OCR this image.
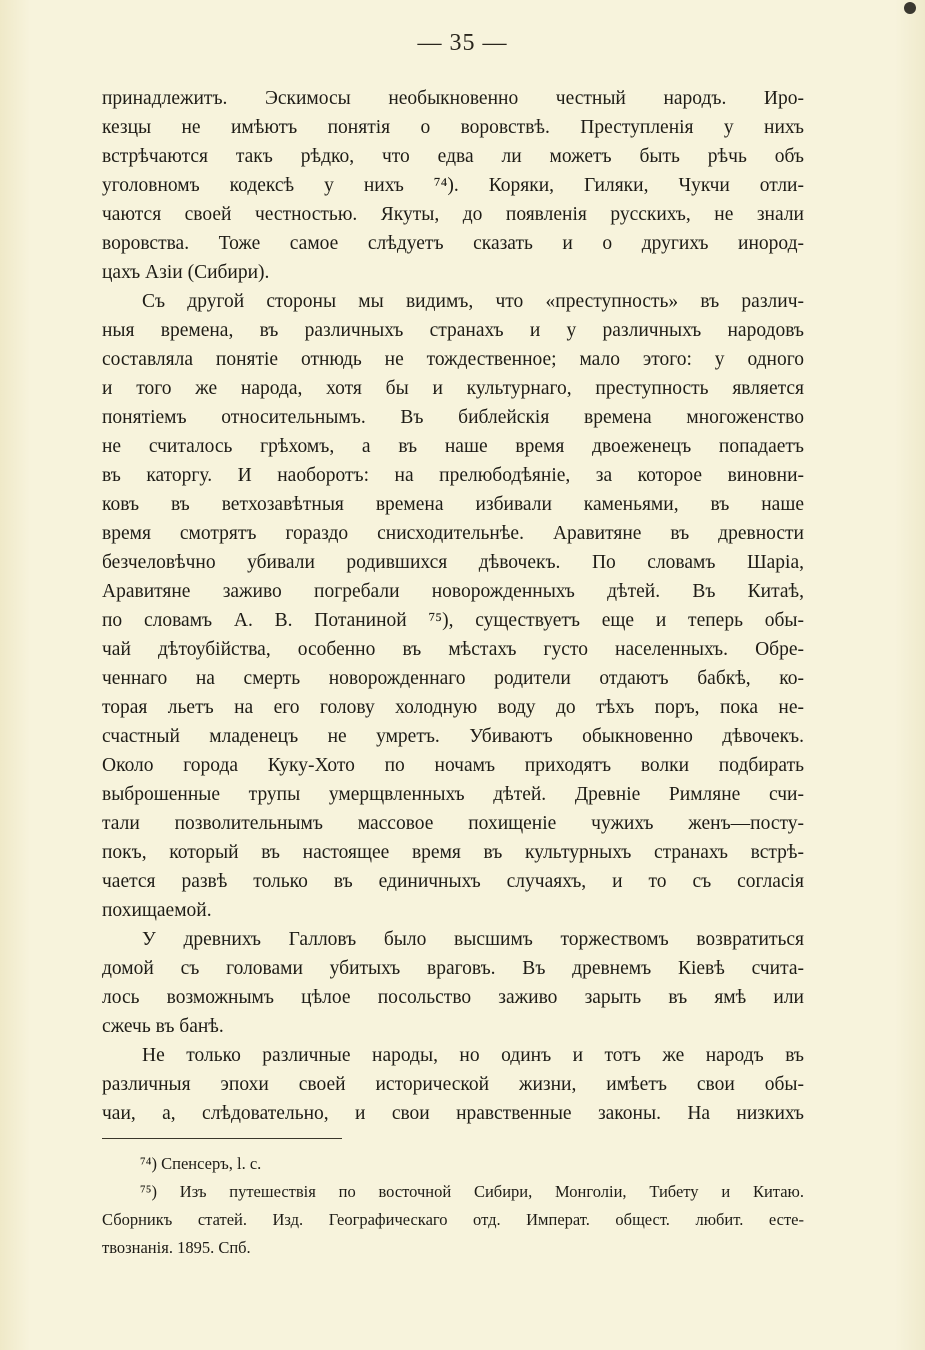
— 35 —
принадлежитъ. Эскимосы необыкновенно честный народъ. Иро-
кезцы не имѣютъ понятія о воровствѣ. Преступленія у нихъ
встрѣчаются такъ рѣдко, что едва ли можетъ быть рѣчь объ
уголовномъ кодексѣ у нихъ ⁷⁴). Коряки, Гиляки, Чукчи отли-
чаются своей честностью. Якуты, до появленія русскихъ, не знали
воровства. Тоже самое слѣдуетъ сказать и о другихъ инород-
цахъ Азіи (Сибири).
Съ другой стороны мы видимъ, что «преступность» въ различ-
ныя времена, въ различныхъ странахъ и у различныхъ народовъ
составляла понятіе отнюдь не тождественное; мало этого: у одного
и того же народа, хотя бы и культурнаго, преступность является
понятіемъ относительнымъ. Въ библейскія времена многоженство
не считалось грѣхомъ, а въ наше время двоеженецъ попадаетъ
въ каторгу. И наоборотъ: на прелюбодѣяніе, за которое виновни-
ковъ въ ветхозавѣтныя времена избивали каменьями, въ наше
время смотрятъ гораздо снисходительнѣе. Аравитяне въ древности
безчеловѣчно убивали родившихся дѣвочекъ. По словамъ Шаріа,
Аравитяне заживо погребали новорожденныхъ дѣтей. Въ Китаѣ,
по словамъ А. В. Потаниной ⁷⁵), существуетъ еще и теперь обы-
чай дѣтоубійства, особенно въ мѣстахъ густо населенныхъ. Обре-
ченнаго на смерть новорожденнаго родители отдаютъ бабкѣ, ко-
торая льетъ на его голову холодную воду до тѣхъ поръ, пока не-
счастный младенецъ не умретъ. Убиваютъ обыкновенно дѣвочекъ.
Около города Куку-Хото по ночамъ приходятъ волки подбирать
выброшенные трупы умерщвленныхъ дѣтей. Древніе Римляне счи-
тали позволительнымъ массовое похищеніе чужихъ женъ—посту-
покъ, который въ настоящее время въ культурныхъ странахъ встрѣ-
чается развѣ только въ единичныхъ случаяхъ, и то съ согласія
похищаемой.
У древнихъ Галловъ было высшимъ торжествомъ возвратиться
домой съ головами убитыхъ враговъ. Въ древнемъ Кіевѣ счита-
лось возможнымъ цѣлое посольство заживо зарыть въ ямѣ или
сжечь въ банѣ.
Не только различные народы, но одинъ и тотъ же народъ въ
различныя эпохи своей исторической жизни, имѣетъ свои обы-
чаи, а, слѣдовательно, и свои нравственные законы. На низкихъ
⁷⁴) Спенсеръ, l. c.
⁷⁵) Изъ путешествія по восточной Сибири, Монголіи, Тибету и Китаю.
Сборникъ статей. Изд. Географическаго отд. Императ. общест. любит. есте-
твознанія. 1895. Спб.
